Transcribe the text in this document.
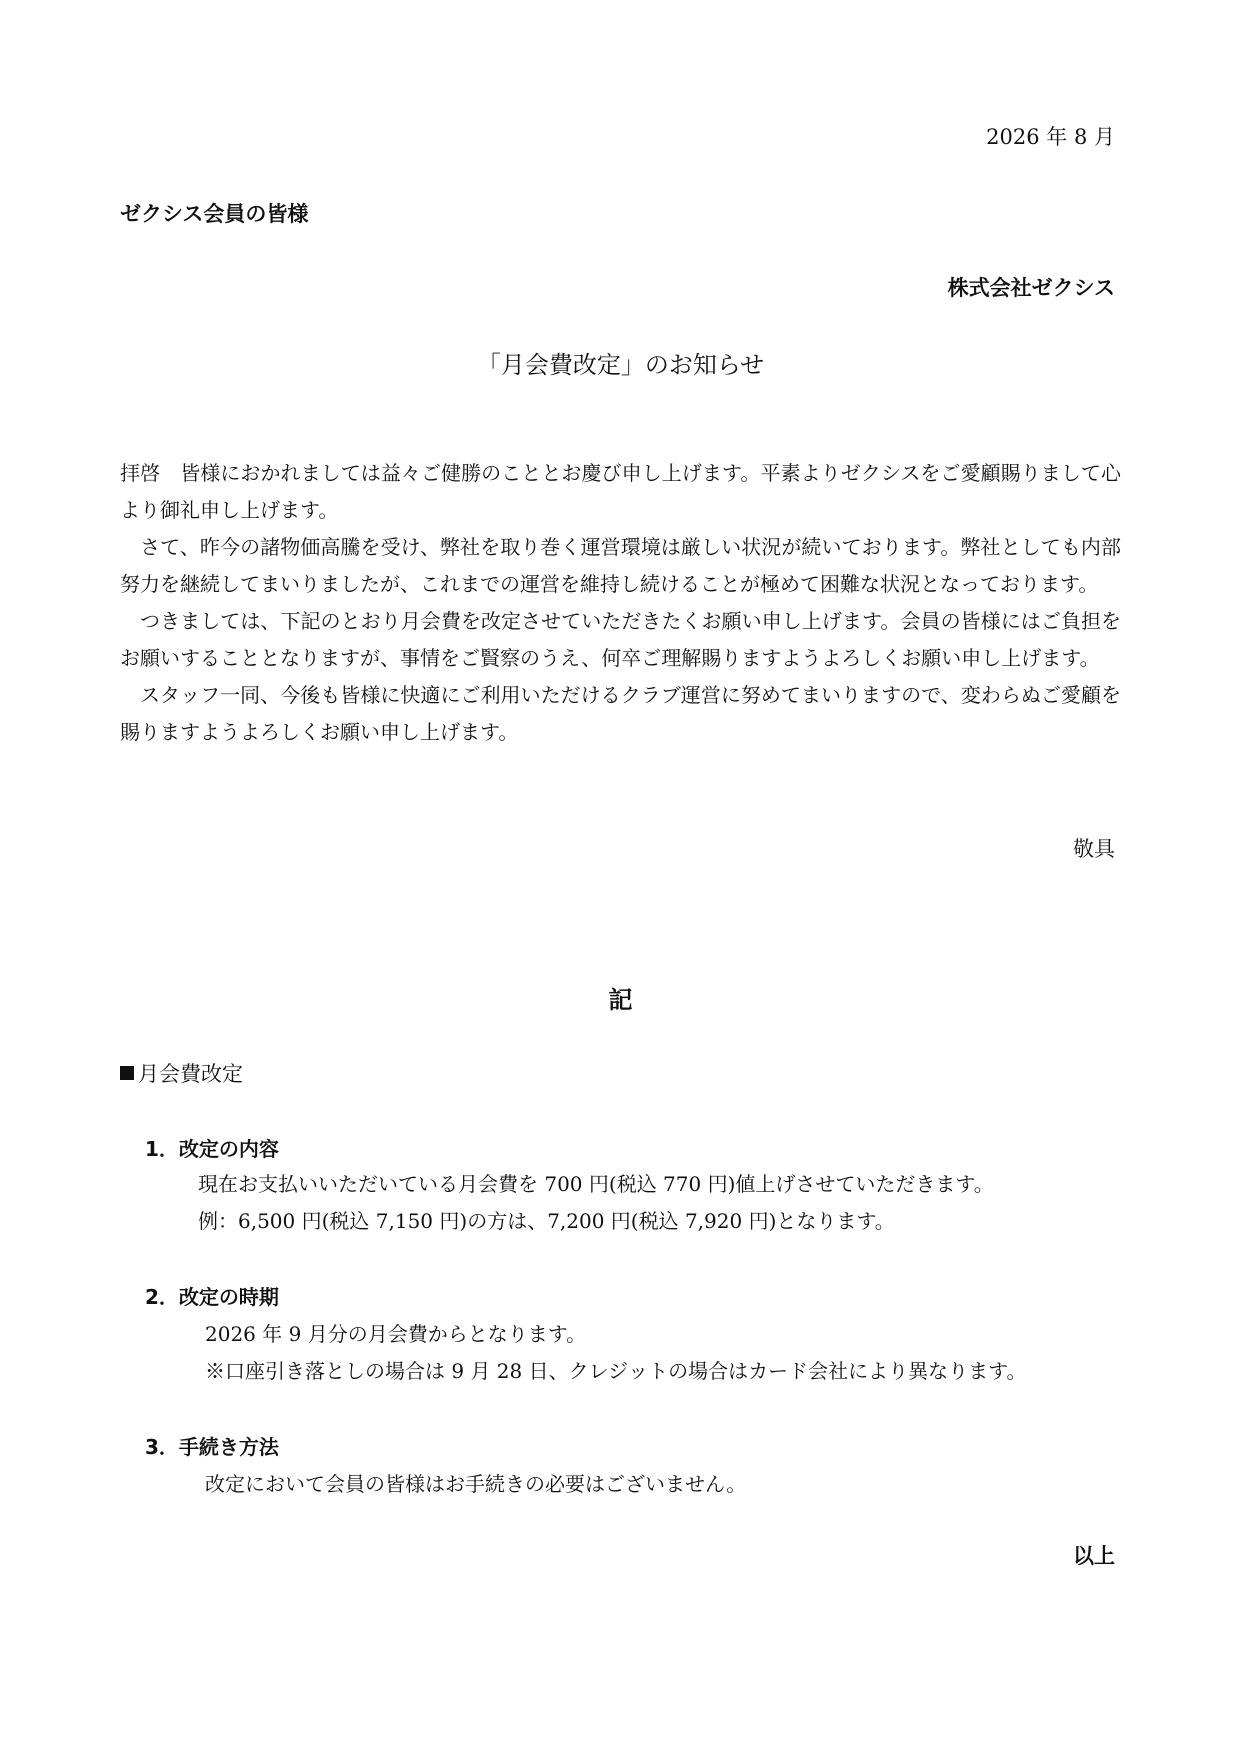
2026 年 8 月
ゼクシス会員の皆様
株式会社ゼクシス
「月会費改定」のお知らせ

拝啓　皆様におかれましては益々ご健勝のこととお慶び申し上げます。平素よりゼクシスをご愛顧賜りまして心より御礼申し上げます。

　さて、昨今の諸物価高騰を受け、弊社を取り巻く運営環境は厳しい状況が続いております。弊社としても内部努力を継続してまいりましたが、これまでの運営を維持し続けることが極めて困難な状況となっております。

　つきましては、下記のとおり月会費を改定させていただきたくお願い申し上げます。会員の皆様にはご負担をお願いすることとなりますが、事情をご賢察のうえ、何卒ご理解賜りますようよろしくお願い申し上げます。

　スタッフ一同、今後も皆様に快適にご利用いただけるクラブ運営に努めてまいりますので、変わらぬご愛顧を賜りますようよろしくお願い申し上げます。

敬具
記
月会費改定
1．改定の内容
現在お支払いいただいている月会費を 700 円(税込 770 円)値上げさせていただきます。
例：6,500 円(税込 7,150 円)の方は、7,200 円(税込 7,920 円)となります。
2．改定の時期
2026 年 9 月分の月会費からとなります。
※口座引き落としの場合は 9 月 28 日、クレジットの場合はカード会社により異なります。
3．手続き方法
改定において会員の皆様はお手続きの必要はございません。
以上
